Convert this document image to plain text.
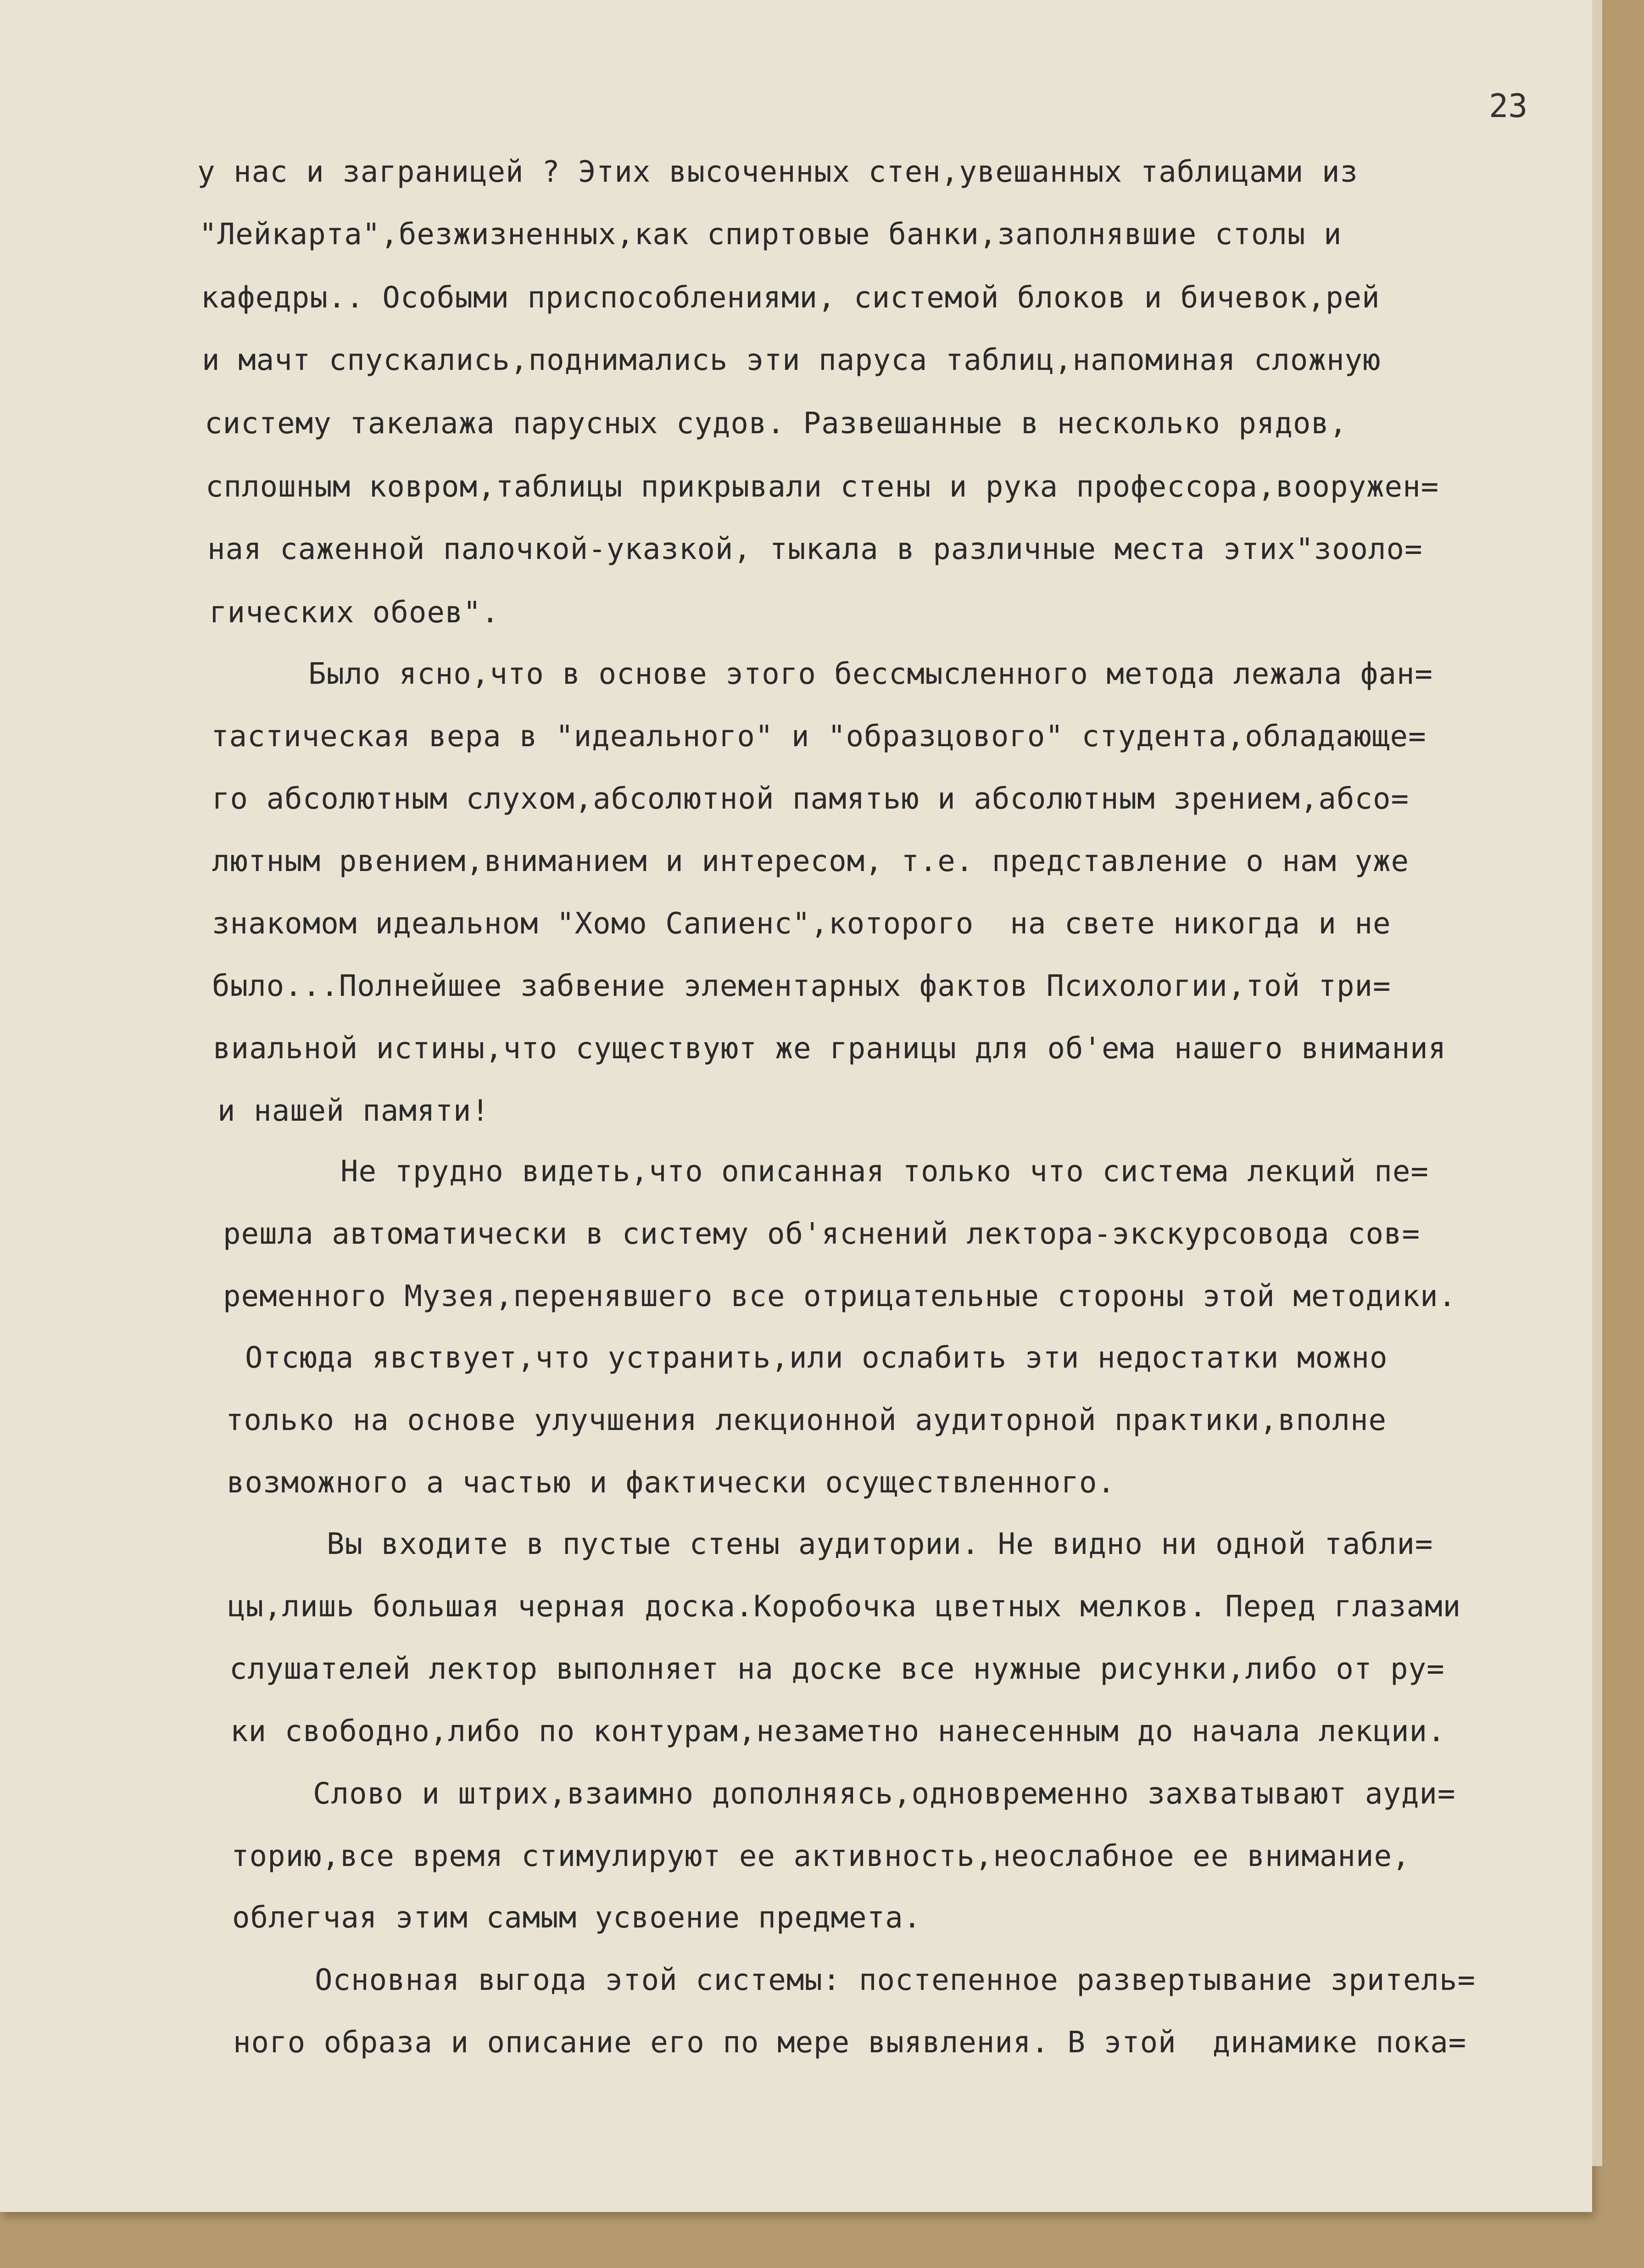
23
у нас и заграницей ? Этих высоченных стен,увешанных таблицами из
"Лейкарта",безжизненных,как спиртовые банки,заполнявшие столы и
кафедры.. Особыми приспособлениями, системой блоков и бичевок,рей
и мачт спускались,поднимались эти паруса таблиц,напоминая сложную
систему такелажа парусных судов. Развешанные в несколько рядов,
сплошным ковром,таблицы прикрывали стены и рука профессора,вооружен=
ная саженной палочкой-указкой, тыкала в различные места этих"зооло=
гических обоев".
Было ясно,что в основе этого бессмысленного метода лежала фан=
тастическая вера в "идеального" и "образцового" студента,обладающе=
го абсолютным слухом,абсолютной памятью и абсолютным зрением,абсо=
лютным рвением,вниманием и интересом, т.е. представление о нам уже
знакомом идеальном "Хомо Сапиенс",которого  на свете никогда и не
было...Полнейшее забвение элементарных фактов Психологии,той три=
виальной истины,что существуют же границы для об'ема нашего внимания
и нашей памяти!
Не трудно видеть,что описанная только что система лекций пе=
решла автоматически в систему об'яснений лектора-экскурсовода сов=
ременного Музея,перенявшего все отрицательные стороны этой методики.
Отсюда явствует,что устранить,или ослабить эти недостатки можно
только на основе улучшения лекционной аудиторной практики,вполне
возможного а частью и фактически осуществленного.
Вы входите в пустые стены аудитории. Не видно ни одной табли=
цы,лишь большая черная доска.Коробочка цветных мелков. Перед глазами
слушателей лектор выполняет на доске все нужные рисунки,либо от ру=
ки свободно,либо по контурам,незаметно нанесенным до начала лекции.
Слово и штрих,взаимно дополняясь,одновременно захватывают ауди=
торию,все время стимулируют ее активность,неослабное ее внимание,
облегчая этим самым усвоение предмета.
Основная выгода этой системы: постепенное развертывание зритель=
ного образа и описание его по мере выявления. В этой  динамике пока=
